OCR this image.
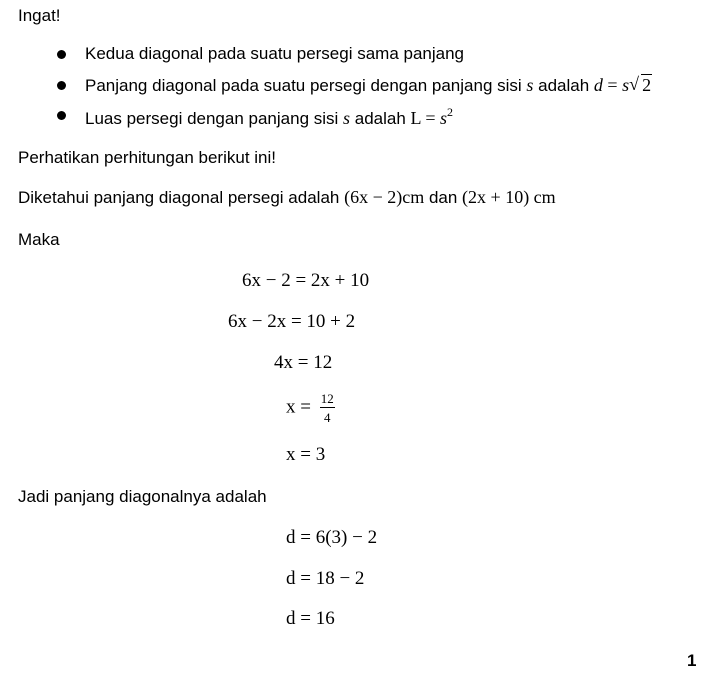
Ingat!
Kedua diagonal pada suatu persegi sama panjang
Panjang diagonal pada suatu persegi dengan panjang sisi s adalah d = s √ 2
Luas persegi dengan panjang sisi s adalah $L = s^2$
Perhatikan perhitungan berikut ini!
Diketahui panjang diagonal persegi adalah (6x − 2)cm dan (2x + 10) cm
Maka
6x − 2 = 2x + 10
6x − 2x = 10 + 2
4x = 12
$x = \frac{12}{4}$
x = 3
Jadi panjang diagonalnya adalah
d = 6(3) − 2
d = 18 − 2
d = 16
1
